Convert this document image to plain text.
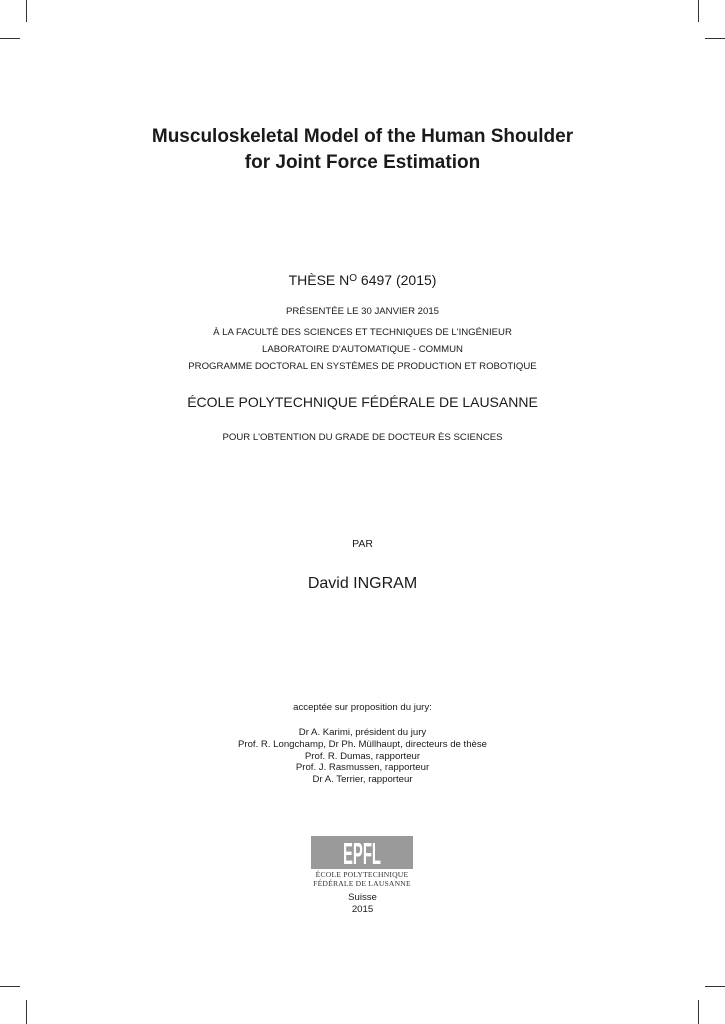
Musculoskeletal Model of the Human Shoulder
for Joint Force Estimation
THÈSE $N^O$ 6497 (2015)
PRÉSENTÉE LE 30 JANVIER 2015
À LA FACULTÉ DES SCIENCES ET TECHNIQUES DE L'INGÉNIEUR
LABORATOIRE D'AUTOMATIQUE - COMMUN
PROGRAMME DOCTORAL EN SYSTÈMES DE PRODUCTION ET ROBOTIQUE
ÉCOLE POLYTECHNIQUE FÉDÉRALE DE LAUSANNE
POUR L'OBTENTION DU GRADE DE DOCTEUR ÈS SCIENCES
PAR
David INGRAM
acceptée sur proposition du jury:
Dr A. Karimi, président du jury
Prof. R. Longchamp, Dr Ph. Müllhaupt, directeurs de thèse
Prof. R. Dumas, rapporteur
Prof. J. Rasmussen, rapporteur
Dr A. Terrier, rapporteur
EPFL
ÉCOLE POLYTECHNIQUE
FÉDÉRALE DE LAUSANNE
Suisse
2015
